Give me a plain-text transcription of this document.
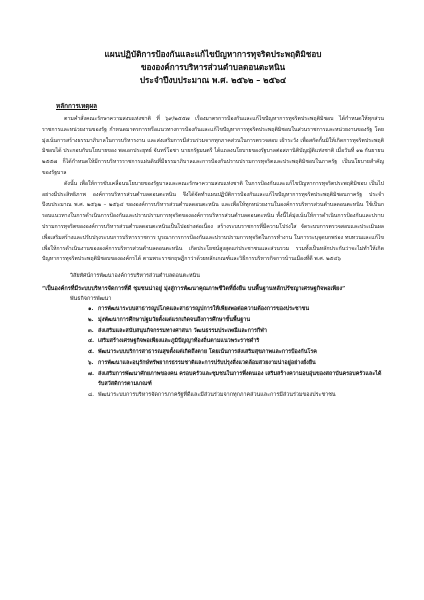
แผนปฏิบัติการป้องกันและแก้ไขปัญหาการทุจริตประพฤติมิชอบ

ขององค์การบริหารส่วนตำบลดอนตะหนิน

ประจำปีงบประมาณ พ.ศ. ๒๕๖๒ – ๒๕๖๔

หลักการเหตุผล

ตามคำสั่งคณะรักษาความสงบแห่งชาติ ที่ ๖๙/๒๕๕๗ เรื่องมาตรการป้องกันและแก้ไขปัญหาการทุจริตประพฤติมิชอบ ได้กำหนดให้ทุกส่วนราชการและหน่วยงานของรัฐ กำหนดมาตรการหรือแนวทางการป้องกันและแก้ไขปัญหาการทุจริตประพฤติมิชอบในส่วนราชการและหน่วยงานของรัฐ โดยมุ่งเน้นการสร้างธรรมาภิบาลในการบริหารงาน และส่งเสริมการมีส่วนร่วมจากทุกภาคส่วนในการตรวจสอบ เฝ้าระวัง เพื่อสกัดกั้นมิให้เกิดการทุจริตประพฤติมิชอบได้ ประกอบกับนโยบายของ พลเอกประยุทธ์ จันทร์โอชา นายกรัฐมนตรี ได้แถลงนโยบายของรัฐบาลต่อสภานิติบัญญัติแห่งชาติ เมื่อวันที่ ๑๒ กันยายน ๒๕๕๗ ก็ได้กำหนดให้มีการบริหารราชการแผ่นดินที่มีธรรมาภิบาลและการป้องกันปราบปรามการทุจริตและประพฤติมิชอบในภาครัฐ เป็นนโยบายสำคัญของรัฐบาล

ดังนั้น เพื่อให้การขับเคลื่อนนโยบายของรัฐบาลและคณะรักษาความสงบแห่งชาติ ในการป้องกันและแก้ไขปัญหาการทุจริตประพฤติมิชอบ เป็นไปอย่างมีประสิทธิภาพ องค์การบริหารส่วนตำบลดอนตะหนิน จึงได้จัดทำแผนปฏิบัติการป้องกันและแก้ไขปัญหาการทุจริตประพฤติมิชอบภาครัฐ ประจำปีงบประมาณ พ.ศ. ๒๕๖๒ – ๒๕๖๔ ขององค์การบริหารส่วนตำบลดอนตะหนิน และเพื่อให้ทุกหน่วยงานในองค์การบริหารส่วนตำบลดอนตะหนิน ใช้เป็นกรอบแนวทางในการดำเนินการป้องกันและปราบปรามการทุจริตขององค์การบริหารส่วนตำบลดอนตะหนิน ทั้งนี้ได้มุ่งเน้นให้การดำเนินการป้องกันและปราบปรามการทุจริตขององค์การบริหารส่วนตำบลดอนตะหนินเป็นไปอย่างต่อเนื่อง สร้างระบบราชการที่มีความโปร่งใส จัดระบบการตรวจสอบและประเมินผลเพื่อเสริมสร้างและปรับปรุงระบบการบริหารราชการ บูรณาการการป้องกันและปราบปรามการทุจริตในการทำงาน ในการระบุจุดบกพร่อง ทบทวนและแก้ไขเพื่อให้การดำเนินงานขององค์การบริหารส่วนตำบลดอนตะหนิน เกิดประโยชน์สูงสุดแก่ประชาชนและส่วนรวม รวมทั้งเป็นหลักประกันว่าจะไม่ทำให้เกิดปัญหาการทุจริตประพฤติมิชอบขององค์กรได้ ตามพระราชกฤษฎีกาว่าด้วยหลักเกณฑ์และวิธีการบริหารกิจการบ้านเมืองที่ดี พ.ศ. ๒๕๔๖

วิสัยทัศน์การพัฒนาองค์การบริหารส่วนตำบลดอนตะหนิน

“เป็นองค์กรที่มีระบบบริหารจัดการที่ดี ชุมชนน่าอยู่ มุ่งสู่การพัฒนาคุณภาพชีวิตที่ยั่งยืน บนพื้นฐานหลักปรัชญาเศรษฐกิจพอเพียง”

พันธกิจการพัฒนา

๑. การพัฒนาระบบสาธารณูปโภคและสาธารณูปการให้เพียงพอต่อความต้องการของประชาชน
๒. มุ่งพัฒนาการศึกษาปฐมวัยตั้งแต่แรกเกิดจนถึงการศึกษาขั้นพื้นฐาน
๓. ส่งเสริมและสนับสนุนกิจกรรมทางศาสนา วัฒนธรรมประเพณีและการกีฬา
๔. เสริมสร้างเศรษฐกิจพอเพียงและภูมิปัญญาท้องถิ่นตามแนวพระราชดำริ
๕. พัฒนาระบบบริการสาธารณสุขตั้งแต่เกิดถึงตาย โดยเน้นการส่งเสริมสุขภาพและการป้องกันโรค
๖. การพัฒนาและอนุรักษ์ทรัพยากรธรรมชาติและการปรับปรุงสิ่งแวดล้อมสวยงามน่าอยู่อย่างยั่งยืน
๗. ส่งเสริมการพัฒนาศักยภาพของคน ครอบครัวและชุมชนในการพึ่งตนเอง เสริมสร้างความอบอุ่นของสถาบันครอบครัวและได้รับสวัสดิการตามเกณฑ์
๘. พัฒนาระบบการบริหารจัดการภาครัฐที่ดีและมีส่วนร่วมจากทุกภาคส่วนและการมีส่วนร่วมของประชาชน
